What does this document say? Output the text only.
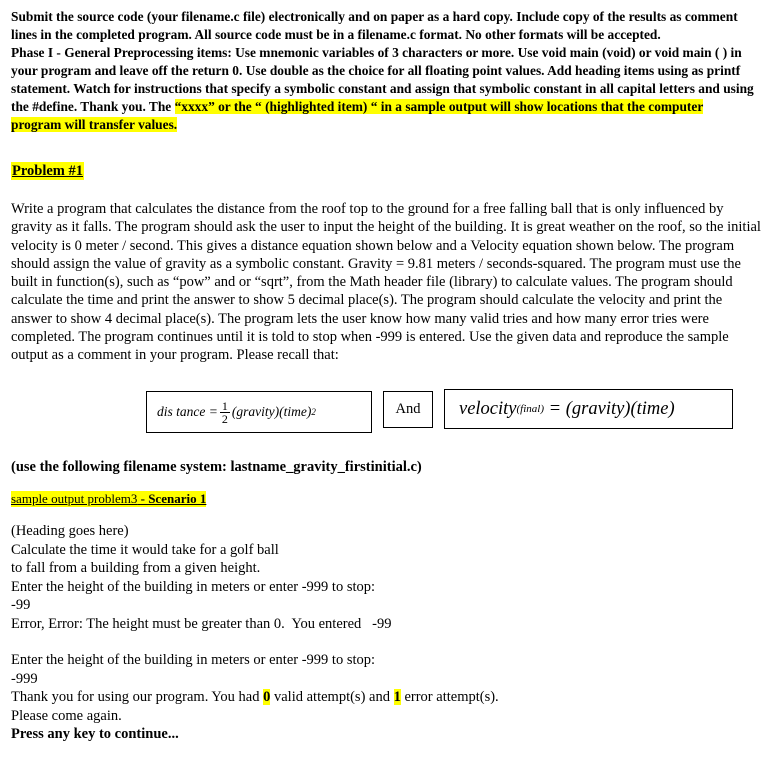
Submit the source code (your filename.c file) electronically and on paper as a hard copy. Include copy of the results as comment lines in the completed program. All source code must be in a filename.c format. No other formats will be accepted.

Phase I - General Preprocessing items: Use mnemonic variables of 3 characters or more. Use void main (void) or void main ( ) in your program and leave off the return 0. Use double as the choice for all floating point values. Add heading items using as printf statement. Watch for instructions that specify a symbolic constant and assign that symbolic constant in all capital letters and using the #define. Thank you. The “xxxx” or the “ (highlighted item) “ in a sample output will show locations that the computer program will transfer values.

Problem #1

Write a program that calculates the distance from the roof top to the ground for a free falling ball that is only influenced by gravity as it falls. The program should ask the user to input the height of the building. It is great weather on the roof, so the initial velocity is 0 meter / second. This gives a distance equation shown below and a Velocity equation shown below. The program should assign the value of gravity as a symbolic constant. Gravity = 9.81 meters / seconds-squared. The program must use the built in function(s), such as “pow” and or “sqrt”, from the Math header file (library) to calculate values. The program should calculate the time and print the answer to show 5 decimal place(s). The program should calculate the velocity and print the answer to show 4 decimal place(s). The program lets the user know how many valid tries and how many error tries were completed. The program continues until it is told to stop when -999 is entered. Use the given data and reproduce the sample output as a comment in your program. Please recall that:

dis tance = $\frac{1}{2}$ (gravity)(time) 2	And velocity (final)
= (gravity)(time)
(use the following filename system: lastname_gravity_firstinitial.c)
sample output problem3 - Scenario 1
(Heading goes here)
Calculate the time it would take for a golf ball
to fall from a building from a given height.
Enter the height of the building in meters or enter -999 to stop:
-99
Error, Error: The height must be greater than 0.  You entered   -99
Enter the height of the building in meters or enter -999 to stop:
-999
Thank you for using our program. You had 0 valid attempt(s) and 1 error attempt(s).
Please come again.
Press any key to continue...
